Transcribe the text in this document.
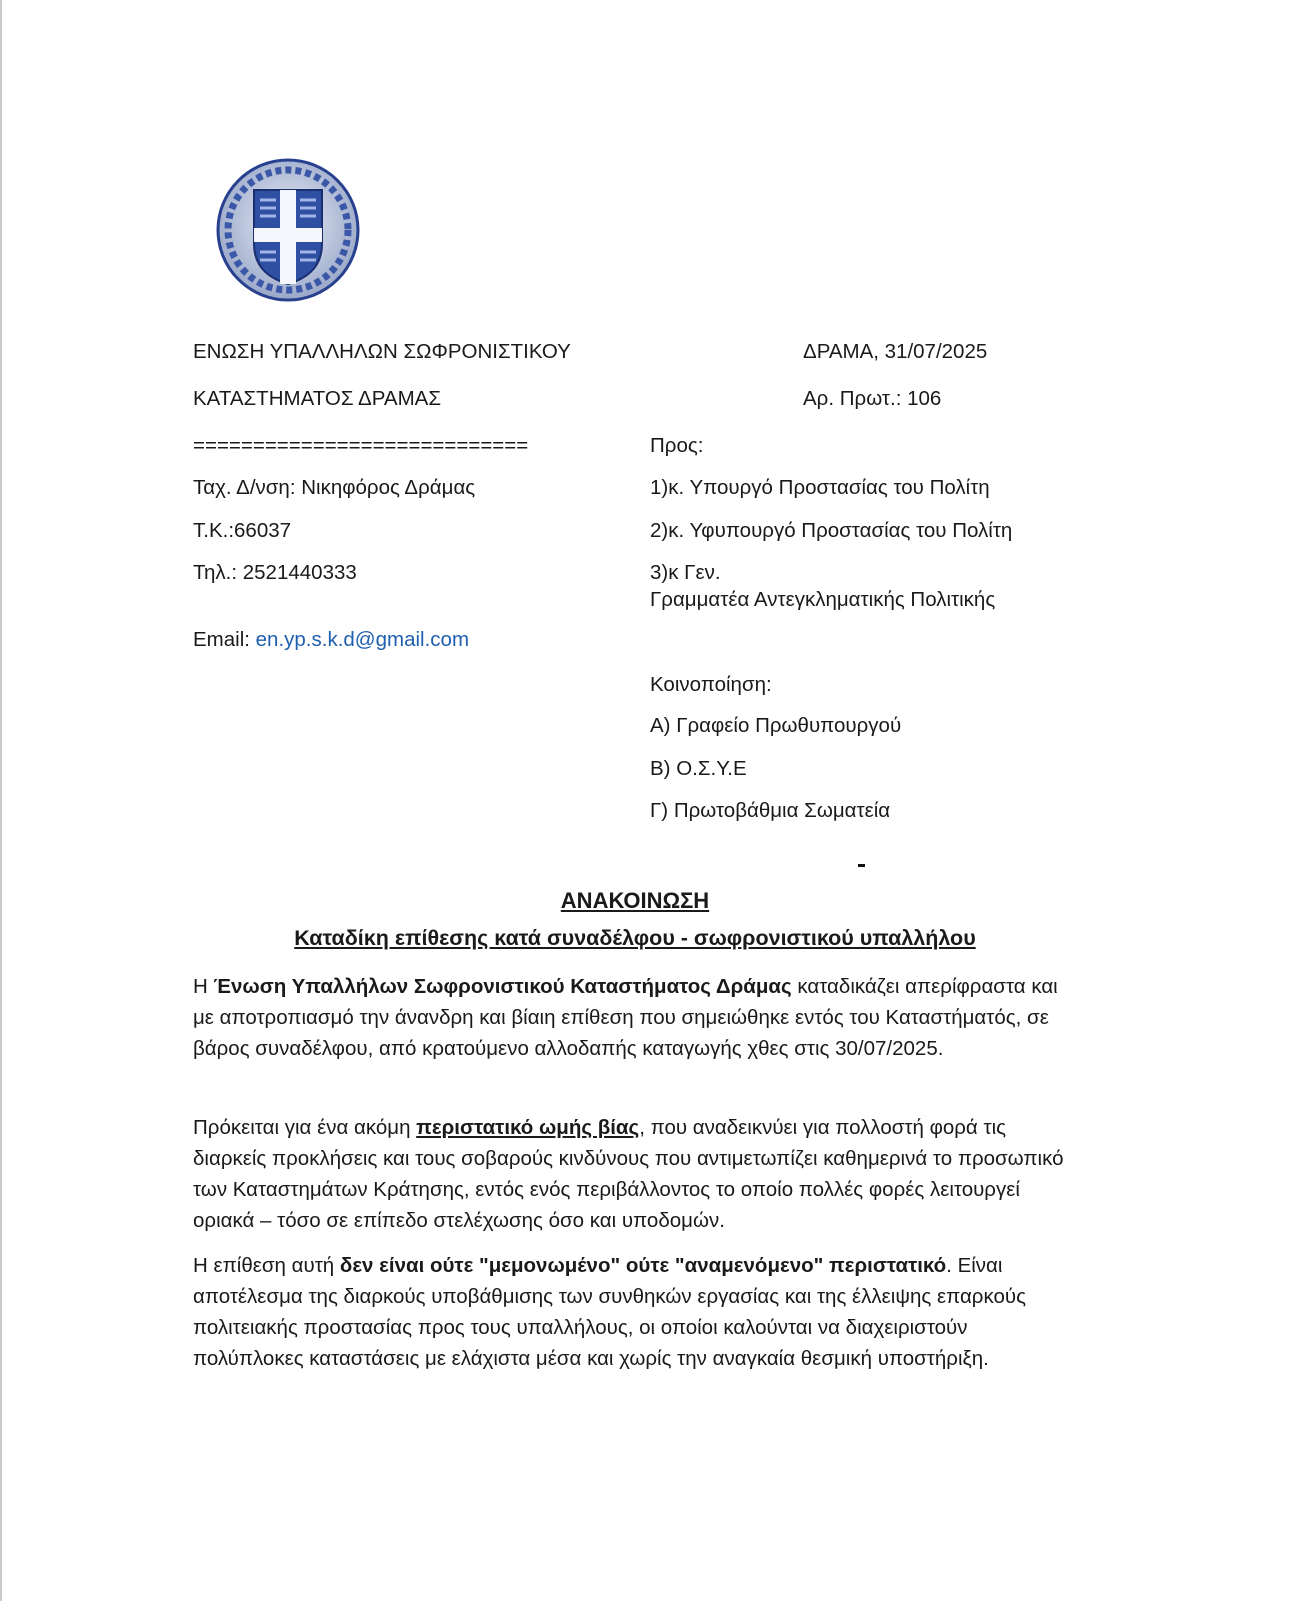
ΕΝΩΣΗ ΥΠΑΛΛΗΛΩΝ ΣΩΦΡΟΝΙΣΤΙΚΟΥ
ΚΑΤΑΣΤΗΜΑΤΟΣ ΔΡΑΜΑΣ
============================
Ταχ. Δ/νση: Νικηφόρος Δράμας
Τ.Κ.:66037
Τηλ.: 2521440333
Email: en.yp.s.k.d@gmail.com
ΔΡΑΜΑ, 31/07/2025
Αρ. Πρωτ.: 106
Προς:
1)κ. Υπουργό Προστασίας του Πολίτη
2)κ. Υφυπουργό Προστασίας του Πολίτη
3)κ Γεν.
Γραμματέα Αντεγκληματικής Πολιτικής
Κοινοποίηση:
Α) Γραφείο Πρωθυπουργού
Β) Ο.Σ.Υ.Ε
Γ) Πρωτοβάθμια Σωματεία
ΑΝΑΚΟΙΝΩΣΗ
Καταδίκη επίθεσης κατά συναδέλφου - σωφρονιστικού υπαλλήλου
Η Ένωση Υπαλλήλων Σωφρονιστικού Καταστήματος Δράμας καταδικάζει απερίφραστα και με αποτροπιασμό την άνανδρη και βίαιη επίθεση που σημειώθηκε εντός του Καταστήματός, σε βάρος συναδέλφου, από κρατούμενο αλλοδαπής καταγωγής χθες στις 30/07/2025.
Πρόκειται για ένα ακόμη περιστατικό ωμής βίας, που αναδεικνύει για πολλοστή φορά τις διαρκείς προκλήσεις και τους σοβαρούς κινδύνους που αντιμετωπίζει καθημερινά το προσωπικό των Καταστημάτων Κράτησης, εντός ενός περιβάλλοντος το οποίο πολλές φορές λειτουργεί οριακά – τόσο σε επίπεδο στελέχωσης όσο και υποδομών.
Η επίθεση αυτή δεν είναι ούτε "μεμονωμένο" ούτε "αναμενόμενο" περιστατικό. Είναι αποτέλεσμα της διαρκούς υποβάθμισης των συνθηκών εργασίας και της έλλειψης επαρκούς πολιτειακής προστασίας προς τους υπαλλήλους, οι οποίοι καλούνται να διαχειριστούν πολύπλοκες καταστάσεις με ελάχιστα μέσα και χωρίς την αναγκαία θεσμική υποστήριξη.
